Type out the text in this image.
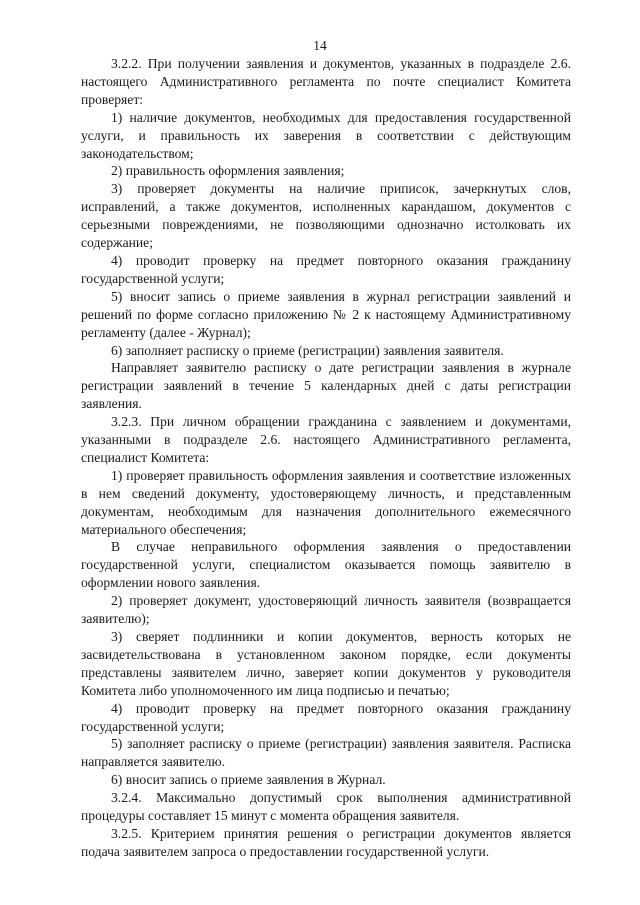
14

3.2.2. При получении заявления и документов, указанных в подразделе 2.6. настоящего Административного регламента по почте специалист Комитета проверяет:

1) наличие документов, необходимых для предоставления государственной услуги, и правильность их заверения в соответствии с действующим законодательством;

2) правильность оформления заявления;

3) проверяет документы на наличие приписок, зачеркнутых слов, исправлений, а также документов, исполненных карандашом, документов с серьезными повреждениями, не позволяющими однозначно истолковать их содержание;

4) проводит проверку на предмет повторного оказания гражданину государственной услуги;

5) вносит запись о приеме заявления в журнал регистрации заявлений и решений по форме согласно приложению № 2 к настоящему Административному регламенту (далее - Журнал);

6) заполняет расписку о приеме (регистрации) заявления заявителя.

Направляет заявителю расписку о дате регистрации заявления в журнале регистрации заявлений в течение 5 календарных дней с даты регистрации заявления.

3.2.3. При личном обращении гражданина с заявлением и документами, указанными в подразделе 2.6. настоящего Административного регламента, специалист Комитета:

1) проверяет правильность оформления заявления и соответствие изложенных в нем сведений документу, удостоверяющему личность, и представленным документам, необходимым для назначения дополнительного ежемесячного материального обеспечения;

В случае неправильного оформления заявления о предоставлении государственной услуги, специалистом оказывается помощь заявителю в оформлении нового заявления.

2) проверяет документ, удостоверяющий личность заявителя (возвращается заявителю);

3) сверяет подлинники и копии документов, верность которых не засвидетельствована в установленном законом порядке, если документы представлены заявителем лично, заверяет копии документов у руководителя Комитета либо уполномоченного им лица подписью и печатью;

4) проводит проверку на предмет повторного оказания гражданину государственной услуги;

5) заполняет расписку о приеме (регистрации) заявления заявителя. Расписка направляется заявителю.

6) вносит запись о приеме заявления в Журнал.

3.2.4. Максимально допустимый срок выполнения административной процедуры составляет 15 минут с момента обращения заявителя.

3.2.5. Критерием принятия решения о регистрации документов является подача заявителем запроса о предоставлении государственной услуги.
